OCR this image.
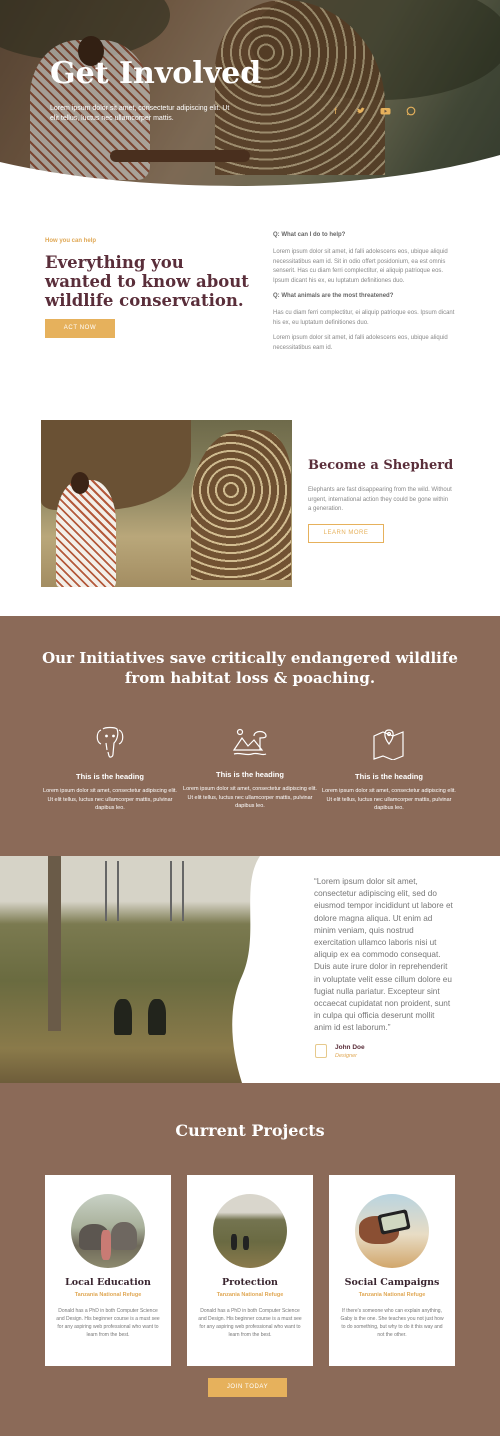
Get Involved

Lorem ipsum dolor sit amet, consectetur adipiscing elit. Ut elit tellus, luctus nec ullamcorper mattis.

f
How you can help
Everything you wanted to know about wildlife conservation.
ACT NOW
Q: What can I do to help?
Lorem ipsum dolor sit amet, id falli adolescens eos, ubique aliquid necessitatibus eam id. Sit in odio offert posidonium, ea est omnis senserit. Has cu diam ferri complectitur, ei aliquip patrioque eos. Ipsum dicant his ex, eu luptatum definitiones duo.
Q: What animals are the most threatened?
Has cu diam ferri complectitur, ei aliquip patrioque eos. Ipsum dicant his ex, eu luptatum definitiones duo.
Lorem ipsum dolor sit amet, id falli adolescens eos, ubique aliquid necessitatibus eam id.
Become a Shepherd

Elephants are fast disappearing from the wild. Without urgent, international action they could be gone within a generation.

LEARN MORE
Our Initiatives save critically endangered wildlife from habitat loss & poaching.
This is the heading
Lorem ipsum dolor sit amet, consectetur adipiscing elit. Ut elit tellus, luctus nec ullamcorper mattis, pulvinar dapibus leo.
This is the heading
Lorem ipsum dolor sit amet, consectetur adipiscing elit. Ut elit tellus, luctus nec ullamcorper mattis, pulvinar dapibus leo.
This is the heading
Lorem ipsum dolor sit amet, consectetur adipiscing elit. Ut elit tellus, luctus nec ullamcorper mattis, pulvinar dapibus leo.
“Lorem ipsum dolor sit amet, consectetur adipiscing elit, sed do eiusmod tempor incididunt ut labore et dolore magna aliqua. Ut enim ad minim veniam, quis nostrud exercitation ullamco laboris nisi ut aliquip ex ea commodo consequat. Duis aute irure dolor in reprehenderit in voluptate velit esse cillum dolore eu fugiat nulla pariatur. Excepteur sint occaecat cupidatat non proident, sunt in culpa qui officia deserunt mollit anim id est laborum.”
John Doe
Designer
Current Projects
Local Education
Tanzania National Refuge
Donald has a PhD in both Computer Science and Design. His beginner course is a must see for any aspiring web professional who want to learn from the best.
Protection
Tanzania National Refuge
Donald has a PhD in both Computer Science and Design. His beginner course is a must see for any aspiring web professional who want to learn from the best.
Social Campaigns
Tanzania National Refuge
If there's someone who can explain anything, Gaby is the one. She teaches you not just how to do something, but why to do it this way and not the other.
JOIN TODAY
